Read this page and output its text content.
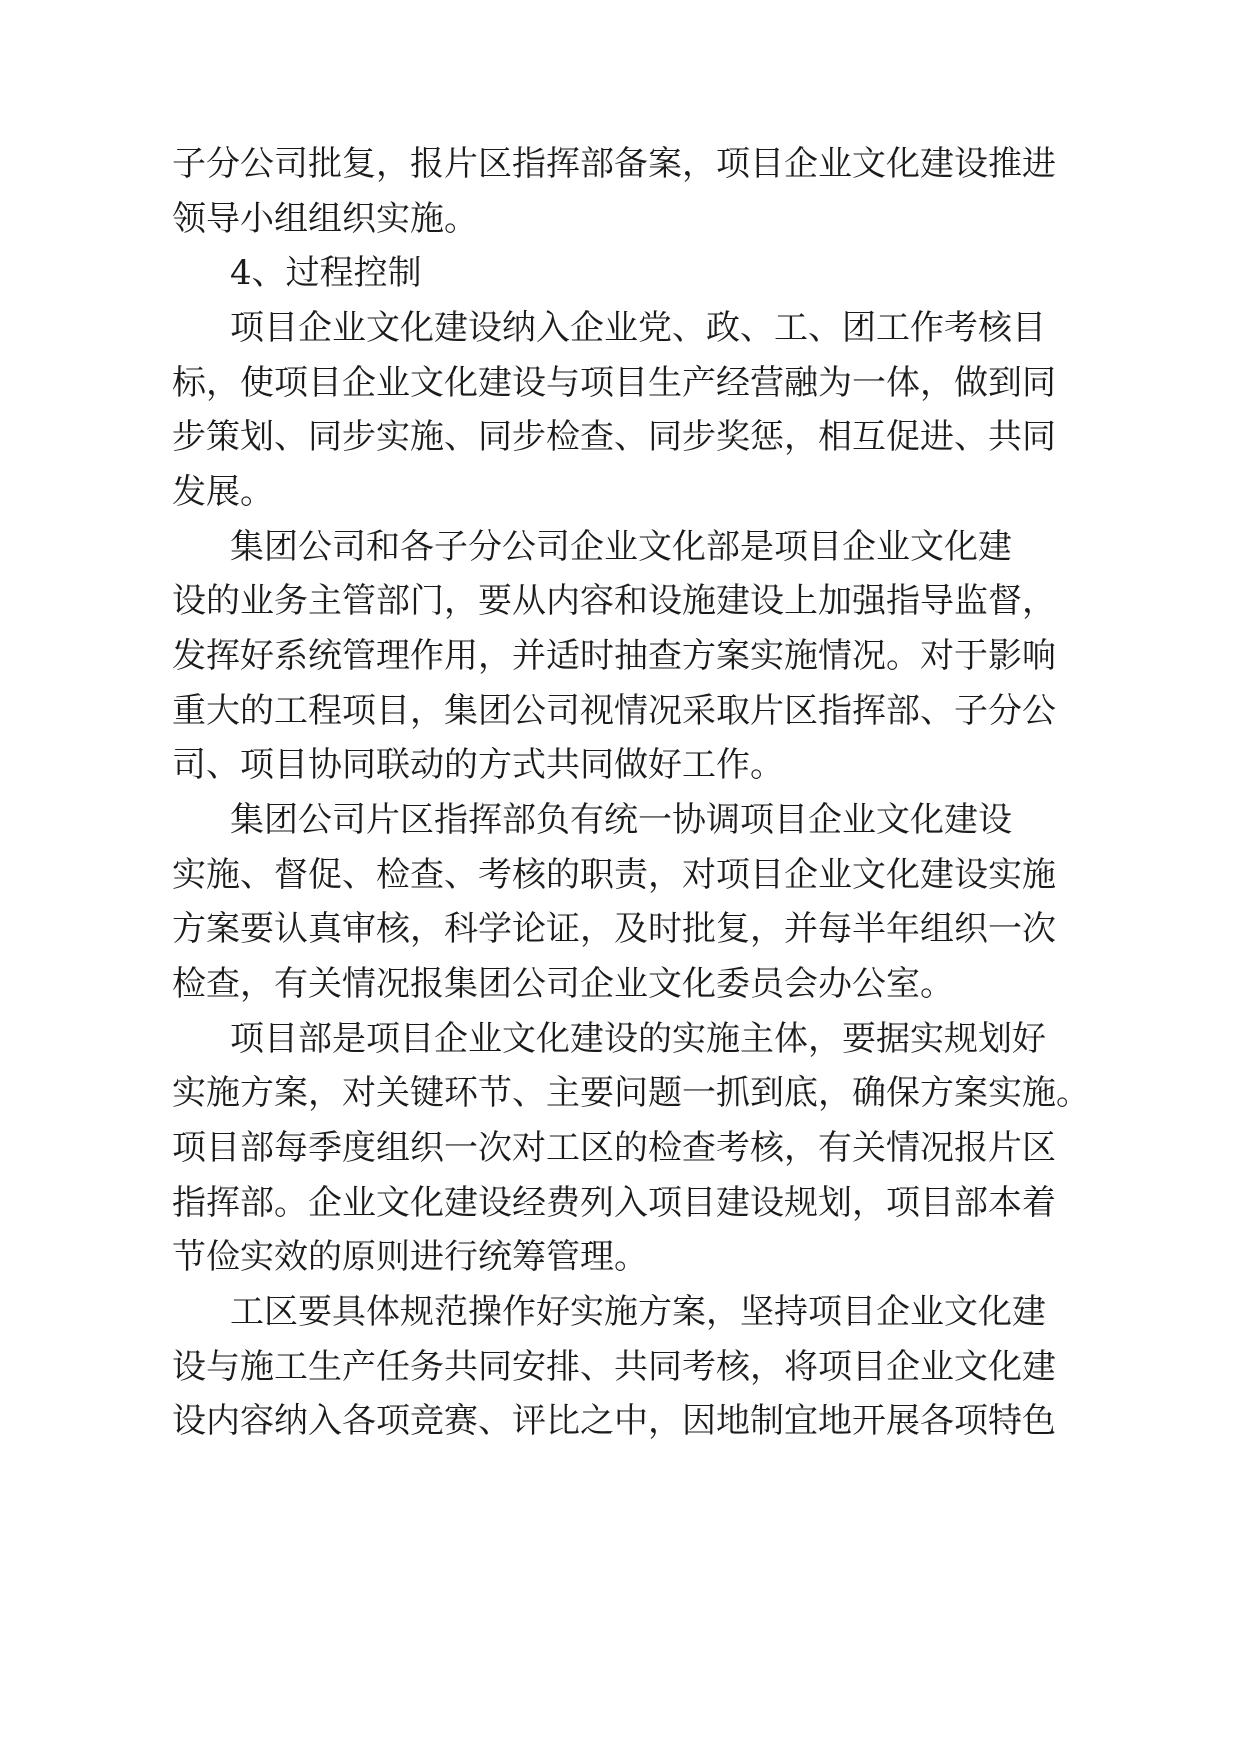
子分公司批复，报片区指挥部备案，项目企业文化建设推进
领导小组组织实施。
4、过程控制
项目企业文化建设纳入企业党、政、工、团工作考核目
标，使项目企业文化建设与项目生产经营融为一体，做到同
步策划、同步实施、同步检查、同步奖惩，相互促进、共同
发展。
集团公司和各子分公司企业文化部是项目企业文化建
设的业务主管部门，要从内容和设施建设上加强指导监督，
发挥好系统管理作用，并适时抽查方案实施情况。对于影响
重大的工程项目，集团公司视情况采取片区指挥部、子分公
司、项目协同联动的方式共同做好工作。
集团公司片区指挥部负有统一协调项目企业文化建设
实施、督促、检查、考核的职责，对项目企业文化建设实施
方案要认真审核，科学论证，及时批复，并每半年组织一次
检查，有关情况报集团公司企业文化委员会办公室。
项目部是项目企业文化建设的实施主体，要据实规划好
实施方案，对关键环节、主要问题一抓到底，确保方案实施。
项目部每季度组织一次对工区的检查考核，有关情况报片区
指挥部。企业文化建设经费列入项目建设规划，项目部本着
节俭实效的原则进行统筹管理。
工区要具体规范操作好实施方案，坚持项目企业文化建
设与施工生产任务共同安排、共同考核，将项目企业文化建
设内容纳入各项竞赛、评比之中，因地制宜地开展各项特色
